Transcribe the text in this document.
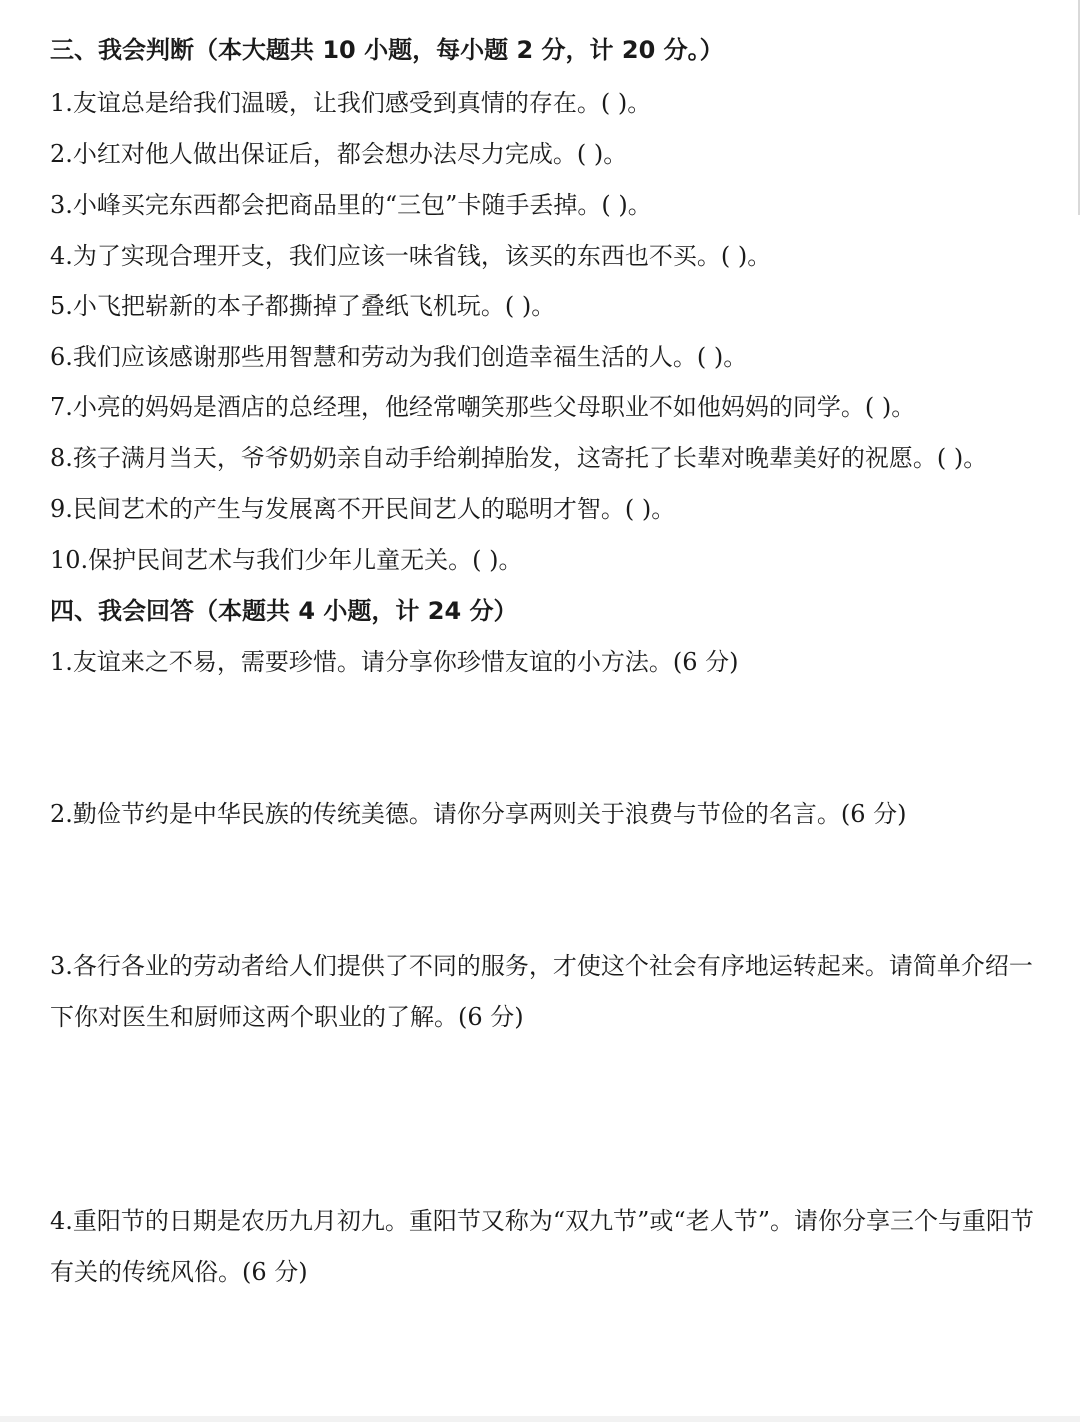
三、我会判断（本大题共 10 小题，每小题 2 分，计 20 分。）
1.友谊总是给我们温暖，让我们感受到真情的存在。( )。
2.小红对他人做出保证后，都会想办法尽力完成。( )。
3.小峰买完东西都会把商品里的“三包”卡随手丢掉。( )。
4.为了实现合理开支，我们应该一味省钱，该买的东西也不买。( )。
5.小飞把崭新的本子都撕掉了叠纸飞机玩。( )。
6.我们应该感谢那些用智慧和劳动为我们创造幸福生活的人。( )。
7.小亮的妈妈是酒店的总经理，他经常嘲笑那些父母职业不如他妈妈的同学。( )。
8.孩子满月当天，爷爷奶奶亲自动手给剃掉胎发，这寄托了长辈对晚辈美好的祝愿。( )。
9.民间艺术的产生与发展离不开民间艺人的聪明才智。( )。
10.保护民间艺术与我们少年儿童无关。( )。
四、我会回答（本题共 4 小题，计 24 分）
1.友谊来之不易，需要珍惜。请分享你珍惜友谊的小方法。(6 分)
2.勤俭节约是中华民族的传统美德。请你分享两则关于浪费与节俭的名言。(6 分)
3.各行各业的劳动者给人们提供了不同的服务，才使这个社会有序地运转起来。请简单介绍一下你对医生和厨师这两个职业的了解。(6 分)
4.重阳节的日期是农历九月初九。重阳节又称为“双九节”或“老人节”。请你分享三个与重阳节有关的传统风俗。(6 分)
